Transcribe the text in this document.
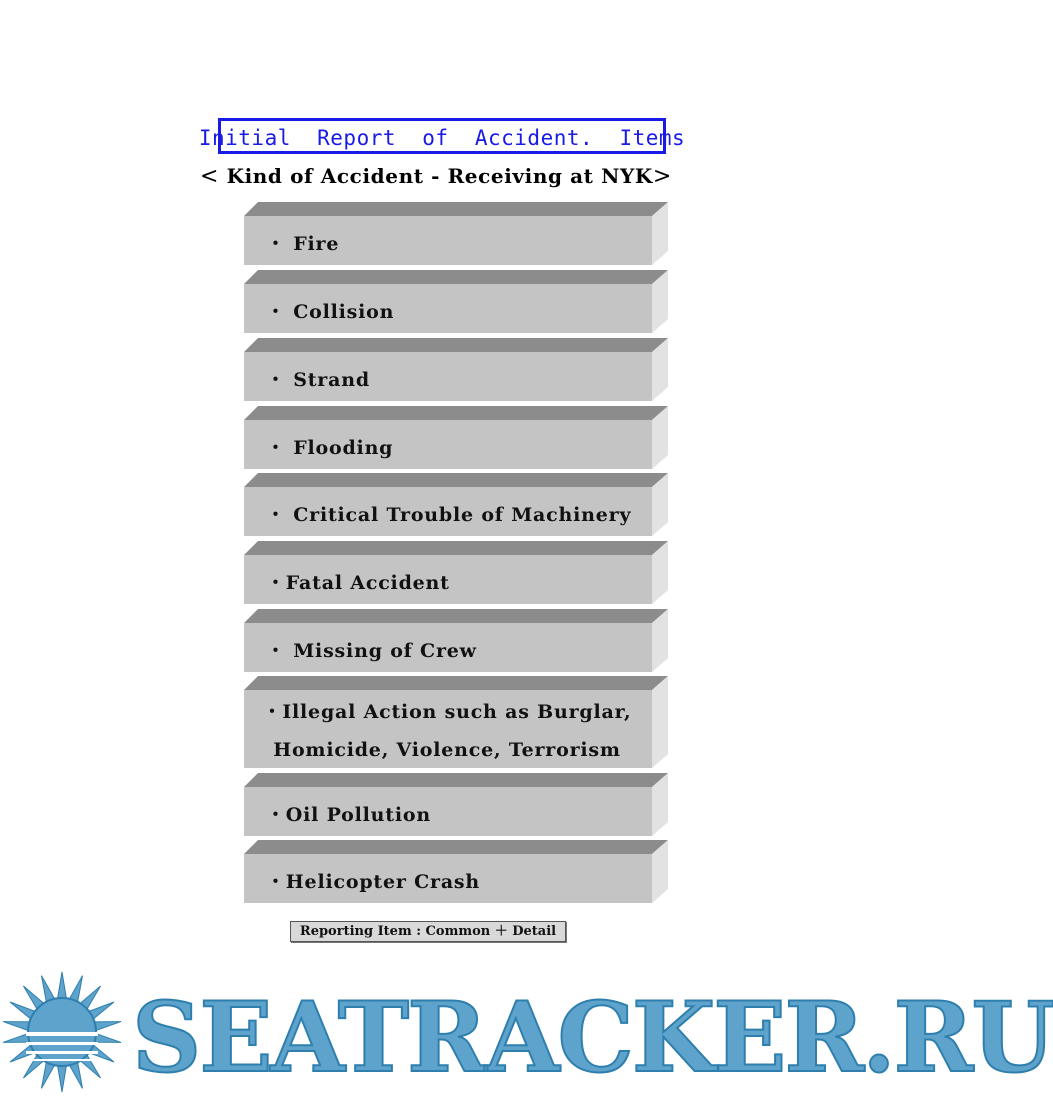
Initial  Report  of  Accident.  Items
< Kind of Accident - Receiving at NYK>
・ Fire
・ Collision
・ Strand
・ Flooding
・ Critical Trouble of Machinery
・Fatal Accident
・ Missing of Crew
・Illegal Action such as Burglar, Homicide, Violence, Terrorism
・Oil Pollution
・Helicopter Crash
Reporting Item : Common ＋ Detail
SEATRACKER.RU
